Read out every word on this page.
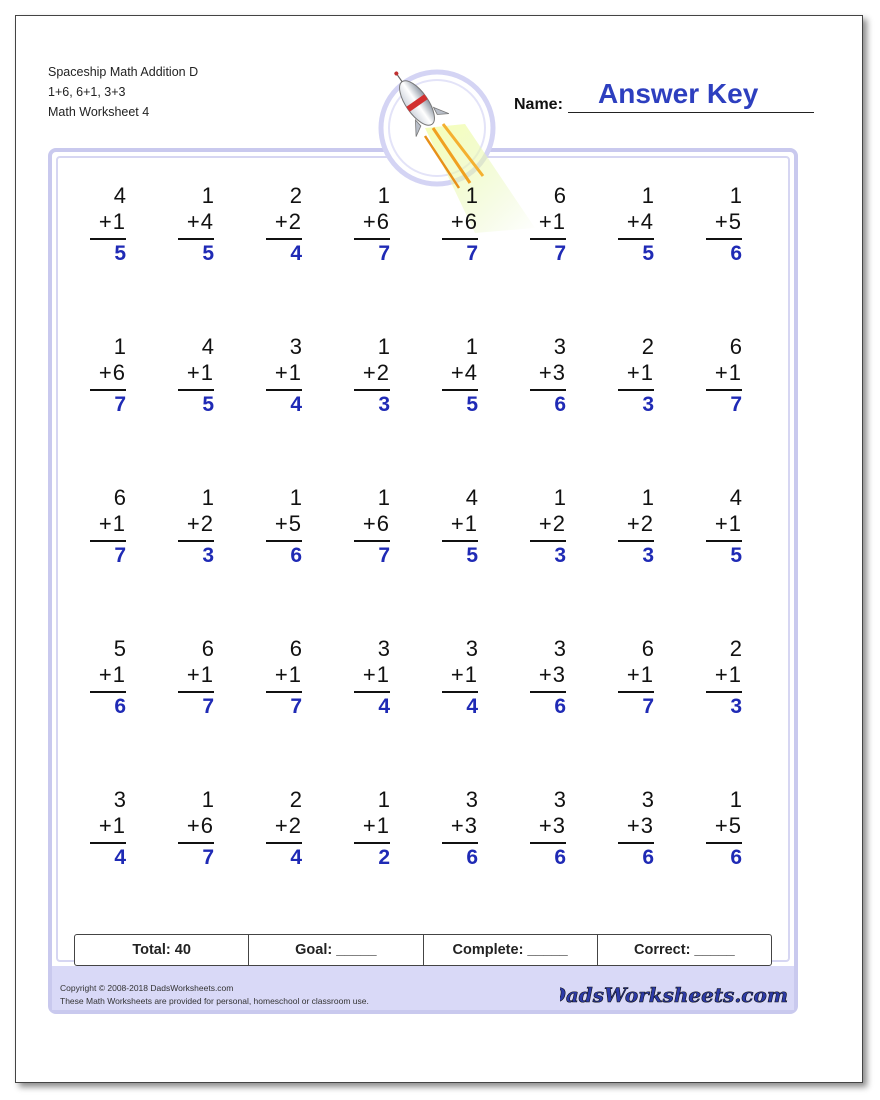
Spaceship Math Addition D
1+6, 6+1, 3+3
Math Worksheet 4	Name: Answer Key
4
+1
5
1
+4
5
2
+2
4
1
+6
7
1
+6
7
6
+1
7
1
+4
5
1
+5
6
1
+6
7
4
+1
5
3
+1
4
1
+2
3
1
+4
5
3
+3
6
2
+1
3
6
+1
7
6
+1
7
1
+2
3
1
+5
6
1
+6
7
4
+1
5
1
+2
3
1
+2
3
4
+1
5
5
+1
6
6
+1
7
6
+1
7
3
+1
4
3
+1
4
3
+3
6
6
+1
7
2
+1
3
3
+1
4
1
+6
7
2
+2
4
1
+1
2
3
+3
6
3
+3
6
3
+3
6
1
+5
6
Total: 40	Goal: _____	Complete: _____	Correct: _____
Copyright © 2008-2018 DadsWorksheets.com
These Math Worksheets are provided for personal, homeschool or classroom use.	DadsWorksheets.com
